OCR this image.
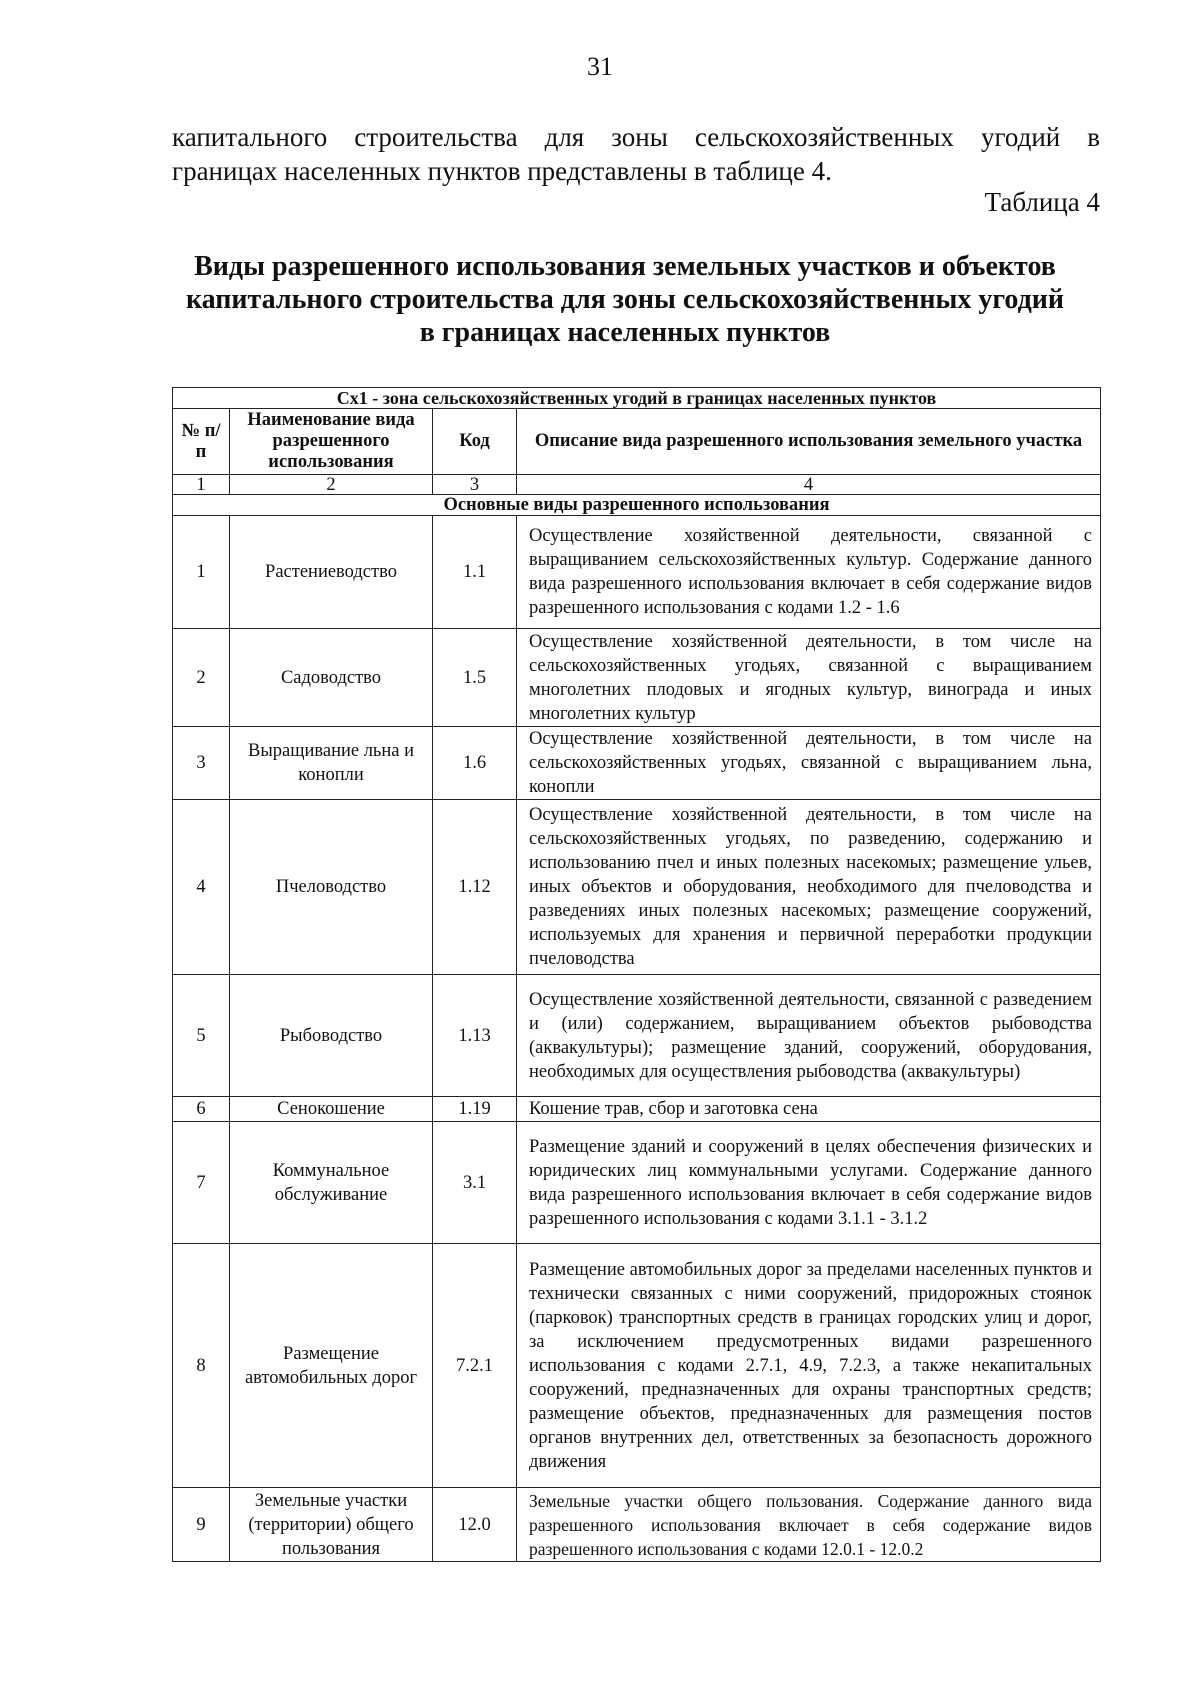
31
капитального строительства для зоны сельскохозяйственных угодий в
границах населенных пунктов представлены в таблице 4.
Таблица 4
Виды разрешенного использования земельных участков и объектов
капитального строительства для зоны сельскохозяйственных угодий
в границах населенных пунктов
Сх1 - зона сельскохозяйственных угодий в границах населенных пунктов			
№ п/п	Наименование вида разрешенного использования	Код	Описание вида разрешенного использования земельного участка
1	2	3	4
Основные виды разрешенного использования			
1	Растениеводство	1.1	Осуществление хозяйственной деятельности, связанной с выращиванием сельскохозяйственных культур. Содержание данного вида разрешенного использования включает в себя содержание видов разрешенного использования с кодами 1.2 - 1.6
2	Садоводство	1.5	Осуществление хозяйственной деятельности, в том числе на сельскохозяйственных угодьях, связанной с выращиванием многолетних плодовых и ягодных культур, винограда и иных многолетних культур
3	Выращивание льна и конопли	1.6	Осуществление хозяйственной деятельности, в том числе на сельскохозяйственных угодьях, связанной с выращиванием льна, конопли
4	Пчеловодство	1.12	Осуществление хозяйственной деятельности, в том числе на сельскохозяйственных угодьях, по разведению, содержанию и использованию пчел и иных полезных насекомых; размещение ульев, иных объектов и оборудования, необходимого для пчеловодства и разведениях иных полезных насекомых; размещение сооружений, используемых для хранения и первичной переработки продукции пчеловодства
5	Рыбоводство	1.13	Осуществление хозяйственной деятельности, связанной с разведением и (или) содержанием, выращиванием объектов рыбоводства (аквакультуры); размещение зданий, сооружений, оборудования, необходимых для осуществления рыбоводства (аквакультуры)
6	Сенокошение	1.19	Кошение трав, сбор и заготовка сена
7	Коммунальное обслуживание	3.1	Размещение зданий и сооружений в целях обеспечения физических и юридических лиц коммунальными услугами. Содержание данного вида разрешенного использования включает в себя содержание видов разрешенного использования с кодами 3.1.1 - 3.1.2
8	Размещение автомобильных дорог	7.2.1	Размещение автомобильных дорог за пределами населенных пунктов и технически связанных с ними сооружений, придорожных стоянок (парковок) транспортных средств в границах городских улиц и дорог, за исключением предусмотренных видами разрешенного использования с кодами 2.7.1, 4.9, 7.2.3, а также некапитальных сооружений, предназначенных для охраны транспортных средств; размещение объектов, предназначенных для размещения постов органов внутренних дел, ответственных за безопасность дорожного движения
9	Земельные участки (территории) общего пользования	12.0	Земельные участки общего пользования. Содержание данного вида разрешенного использования включает в себя содержание видов разрешенного использования с кодами 12.0.1 - 12.0.2
